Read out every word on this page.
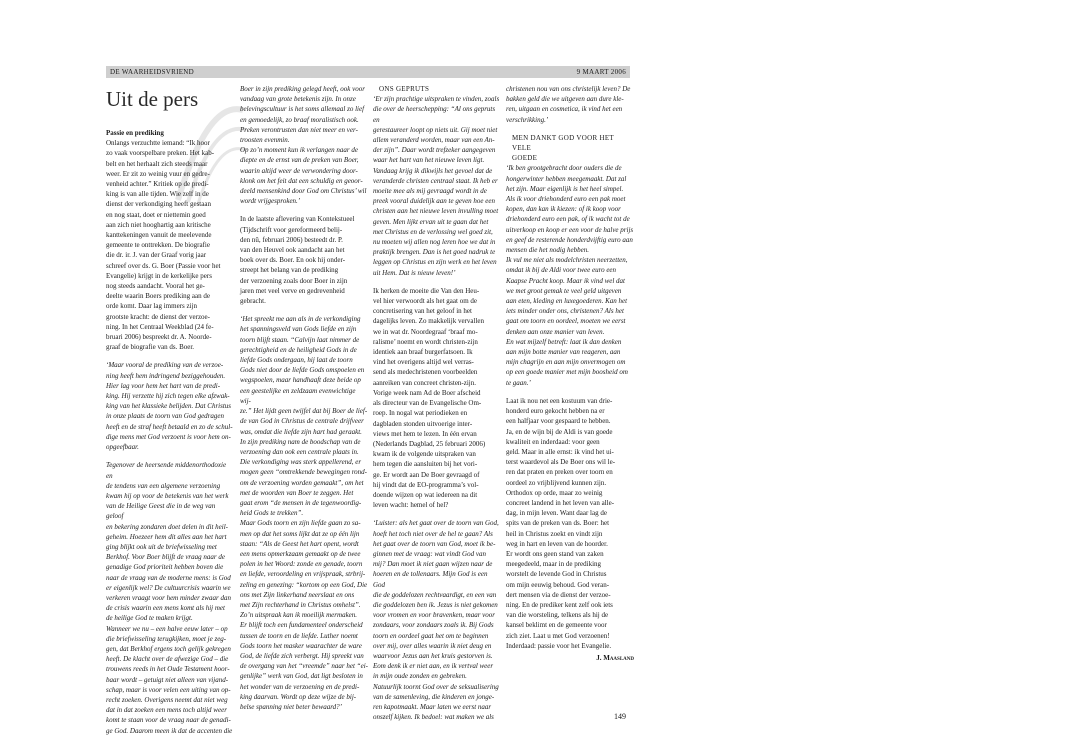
DE WAARHEIDSVRIEND	9 MAART 2006
Uit de pers

Passie en prediking

Onlangs verzuchtte iemand: “Ik hoor
zo vaak voorspelbare preken. Het kab-
belt en het herhaalt zich steeds maar
weer. Er zit zo weinig vuur en gedre-
venheid achter.” Kritiek op de predi-
king is van alle tijden. Wie zelf in de
dienst der verkondiging heeft gestaan
en nog staat, doet er niettemin goed
aan zich niet hooghartig aan kritische
kanttekeningen vanuit de meelevende
gemeente te onttrekken. De biografie
die dr. ir. J. van der Graaf vorig jaar
schreef over ds. G. Boer (Passie voor het
Evangelie) krijgt in de kerkelijke pers
nog steeds aandacht. Vooral het ge-
deelte waarin Boers prediking aan de
orde komt. Daar lag immers zijn
grootste kracht: de dienst der verzoe-
ning. In het Centraal Weekblad (24 fe-
bruari 2006) bespreekt dr. A. Noorde-
graaf de biografie van ds. Boer.

‘Maar vooral de prediking van de verzoe-
ning heeft hem indringend beziggehouden.
Hier lag voor hem het hart van de predi-
king. Hij verzette hij zich tegen elke afzwak-
king van het klassieke belijden. Dat Christus
in onze plaats de toorn van God gedragen
heeft en de straf heeft betaald en zo de schul-
dige mens met God verzoent is voor hem on-
opgeefbaar.

Tegenover de heersende middenorthodoxie en
de tendens van een algemene verzoening
kwam hij op voor de betekenis van het werk
van de Heilige Geest die in de weg van geloof
en bekering zondaren doet delen in dit heil-
geheim. Hoezeer hem dit alles aan het hart
ging blijkt ook uit de briefwisseling met
Berkhof. Voor Boer blijft de vraag naar de
genadige God prioriteit hebben boven die
naar de vraag van de moderne mens: is God
er eigenlijk wel? De cultuurcrisis waarin we
verkeren vraagt voor hem minder zwaar dan
de crisis waarin een mens komt als hij met
de heilige God te maken krijgt.
Wanneer we nu – een halve eeuw later – op
die briefwisseling terugkijken, moet je zeg-
gen, dat Berkhof ergens toch gelijk gekregen
heeft. De klacht over de afwezige God – die
trouwens reeds in het Oude Testament hoor-
baar wordt – getuigt niet alleen van vijand-
schap, maar is voor velen een uiting van op-
recht zoeken. Overigens neemt dat niet weg
dat in dat zoeken een mens toch altijd weer
komt te staan voor de vraag naar de genadi-
ge God. Daarom meen ik dat de accenten die

Boer in zijn prediking gelegd heeft, ook voor
vandaag van grote betekenis zijn. In onze
belevingscultuur is het soms allemaal zo lief
en gemoedelijk, zo braaf moralistisch ook.
Preken verontrusten dan niet meer en ver-
troosten evenmin.
Op zo’n moment kun ik verlangen naar de
diepte en de ernst van de preken van Boer,
waarin altijd weer de verwondering door-
klonk om het feit dat een schuldig en geoor-
deeld mensenkind door God om Christus’ wil
wordt vrijgesproken.’

In de laatste aflevering van Kontekstueel
(Tijdschrift voor gereformeerd belij-
den nû, februari 2006) besteedt dr. P.
van den Heuvel ook aandacht aan het
boek over ds. Boer. En ook hij onder-
streept het belang van de prediking
der verzoening zoals door Boer in zijn
jaren met veel verve en gedrevenheid
gebracht.

‘Het spreekt me aan als in de verkondiging
het spanningsveld van Gods liefde en zijn
toorn blijft staan. “Calvijn laat nimmer de
gerechtigheid en de heiligheid Gods in de
liefde Gods ondergaan, hij laat de toorn
Gods niet door de liefde Gods omspoelen en
wegspoelen, maar handhaaft deze beide op
een geestelijke en zeldzaam evenwichtige wij-
ze.” Het lijdt geen twijfel dat bij Boer de lief-
de van God in Christus de centrale drijfveer
was, omdat die liefde zijn hart had geraakt.
In zijn prediking nam de boodschap van de
verzoening dan ook een centrale plaats in.
Die verkondiging was sterk appellerend, er
mogen geen “omtrekkende bewegingen rond-
om de verzoening worden gemaakt”, om het
met de woorden van Boer te zeggen. Het
gaat erom “de mensen in de tegenwoordig-
heid Gods te trekken”.
Maar Gods toorn en zijn liefde gaan zo sa-
men op dat het soms lijkt dat ze op één lijn
staan: “Als de Geest het hart opent, wordt
een mens opmerkzaam gemaakt op de twee
polen in het Woord: zonde en genade, toorn
en liefde, veroordeling en vrijspraak, strbrij-
zeling en genezing: “kortom op een God, Die
ons met Zijn linkerhand neerslaat en ons
met Zijn rechterhand in Christus omhelst”.
Zo’n uitspraak kan ik moeilijk mermaken.
Er blijft toch een fundamenteel onderscheid
tussen de toorn en de liefde. Luther noemt
Gods toorn het masker waarachter de ware
God, de liefde zich verbergt. Hij spreekt van
de overgang van het “vreemde” naar het “ei-
genlijke” werk van God, dat ligt besloten in
het wonder van de verzoening en de predi-
king daarvan. Wordt op deze wijze de bij-
belse spanning niet beter bewaard?’

ONS GEPRUTS

‘Er zijn prachtige uitspraken te vinden, zoals
die over de heerschepping: “Al ons gepruts en
gerestaureer loopt op niets uit. Gij moet niet
allem veranderd worden, maar van een An-
der zijn”. Daar wordt trefzeker aangegeven
waar het hart van het nieuwe leven ligt.
Vandaag krijg ik dikwijls het gevoel dat de
veranderde christen centraal staat. Ik heb er
moeite mee als mij gevraagd wordt in de
preek vooral duidelijk aan te geven hoe een
christen aan het nieuwe leven invulling moet
geven. Men lijkt ervan uit te gaan dat het
met Christus en de verlossing wel goed zit,
nu moeten wij allen nog leren hoe we dat in
praktijk brengen. Dan is het goed nadruk te
leggen op Christus en zijn werk en het leven
uit Hem. Dat is nieuw leven!’

Ik herken de moeite die Van den Heu-
vel hier verwoordt als het gaat om de
concretisering van het geloof in het
dagelijks leven. Zo makkelijk vervallen
we in wat dr. Noordegraaf ‘braaf mo-
ralisme’ noemt en wordt christen-zijn
identiek aan braaf burgerfatsoen. Ik
vind het overigens altijd wel verras-
send als medechristenen voorbeelden
aanreiken van concreet christen-zijn.
Vorige week nam Ad de Boer afscheid
als directeur van de Evangelische Om-
roep. In nogal wat periodieken en
dagbladen stonden uitvoerige inter-
views met hem te lezen. In één ervan
(Nederlands Dagblad, 25 februari 2006)
kwam ik de volgende uitspraken van
hem tegen die aansluiten bij het vori-
ge. Er wordt aan De Boer gevraagd of
hij vindt dat de EO-programma’s vol-
doende wijzen op wat iedereen na dit
leven wacht: hemel of hel?

‘Luister: als het gaat over de toorn van God,
hoeft het toch niet over de hel te gaan? Als
het gaat over de toorn van God, moet ik be-
ginnen met de vraag: wat vindt God van
mij? Dan moet ik niet gaan wijzen naar de
hoeren en de tollenaars. Mijn God is een God
die de goddelozen rechtvaardigt, en een van
die goddelozen ben ik. Jezus is niet gekomen
voor vromen en voor bravenken, maar voor
zondaars, voor zondaars zoals ik. Bij Gods
toorn en oordeel gaat het om te beginnen
over mij, over alles waarin ik niet deug en
waarvoor Jezus aan het kruis gestorven is.
Eom denk ik er niet aan, en ik vertval weer
in mijn oude zonden en gebreken.
Natuurlijk toornt God over de seksualisering
van de samenleving, die kinderen en jonge-
ren kapotmaakt. Maar laten we eerst naar
onszelf kijken. Ik bedoel: wat maken we als

christenen nou van ons christelijk leven? De
bakken geld die we uitgeven aan dure kle-
ren, uitgaan en cosmetica, ik vind het een
verschrikking.’

MEN DANKT GOD VOOR HET VELE
GOEDE

‘Ik ben grootgebracht door ouders die de
hongerwinter hebben meegemaakt. Dat zal
het zijn. Maar eigenlijk is het heel simpel.
Als ik voor driehonderd euro een pak moet
kopen, dan kan ik kiezen: of ik koop voor
driehonderd euro een pak, of ik wacht tot de
uitverkoop en koop er een voor de halve prijs
en geef de resterende honderdvijftig euro aan
mensen die het nodig hebben.
Ik vul me niet als modelchristen neerzetten,
omdat ik bij de Aldi voor twee euro een
Kaapse Pracht koop. Maar ik vind wel dat
we met groot gemak te veel geld uitgeven
aan eten, kleding en luxegoederen. Kan het
iets minder onder ons, christenen? Als het
gaat om toorn en oordeel, moeten we eerst
denken aan onze manier van leven.
En wat mijzelf betreft: laat ik dan denken
aan mijn botte manier van reageren, aan
mijn chagrijn en aan mijn onvermogen om
op een goede manier met mijn boosheid om
te gaan.’

Laat ik nou net een kostuum van drie-
honderd euro gekocht hebben na er
een halfjaar voor gespaard te hebben.
Ja, en de wijn bij de Aldi is van goede
kwaliteit en inderdaad: voor geen
geld. Maar in alle ernst: ik vind het ui-
terst waardevol als De Boer ons wil le-
ren dat praten en preken over toorn en
oordeel zo vrijblijvend kunnen zijn.
Orthodox op orde, maar zo weinig
concreet landend in het leven van alle-
dag, in mijn leven. Want daar lag de
spits van de preken van ds. Boer: het
heil in Christus zoekt en vindt zijn
weg in hart en leven van de hoorder.
Er wordt ons geen stand van zaken
meegedeeld, maar in de prediking
worstelt de levende God in Christus
om mijn eeuwig behoud. God veran-
dert mensen via de dienst der verzoe-
ning. En de prediker kent zelf ook iets
van die worsteling, telkens als hij de
kansel beklimt en de gemeente voor
zich ziet. Laat u met God verzoenen!
Inderdaad: passie voor het Evangelie.

J. Maasland

149
